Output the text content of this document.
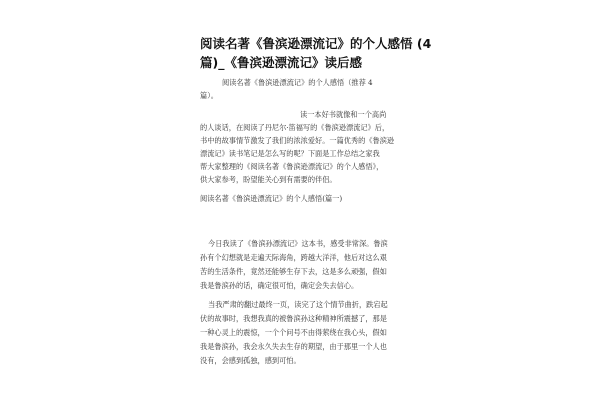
阅读名著《鲁滨逊漂流记》的个人感悟 (4
篇)_《鲁滨逊漂流记》读后感
阅读名著《鲁滨逊漂流记》的个人感悟（推荐 4
篇）。
读一本好书就像和一个高尚
的人谈话，在阅读了丹尼尔·笛福写的《鲁滨逊漂流记》后，
书中的故事情节激发了我们的浓浓爱好。一篇优秀的《鲁滨逊
漂流记》读书笔记是怎么写的呢？下面是工作总结之家我
帮大家整理的《阅读名著《鲁滨逊漂流记》的个人感悟》，
供大家参考，盼望能关心到有需要的伴侣。
阅读名著《鲁滨逊漂流记》的个人感悟(篇一)
今日我读了《鲁滨孙漂流记》这本书，感受非常深。鲁滨
孙有个幻想就是走遍天际海角，跨越大洋洋，他后对这么艰
苦的生活条件，竟然还能够生存下去，这是多么顽强，假如
我是鲁滨孙的话，确定很可怕，确定会失去信心。
当我严肃的翻过最终一页，读完了这个情节曲折，跌宕起
伏的故事时，我想我真的被鲁滨孙这种精神所震撼了，那是
一种心灵上的震惊，一个个问号不由得萦绕在我心头，假如
我是鲁滨孙，我会永久失去生存的期望，由于那里一个人也
没有，会感到孤独，感到可怕。
